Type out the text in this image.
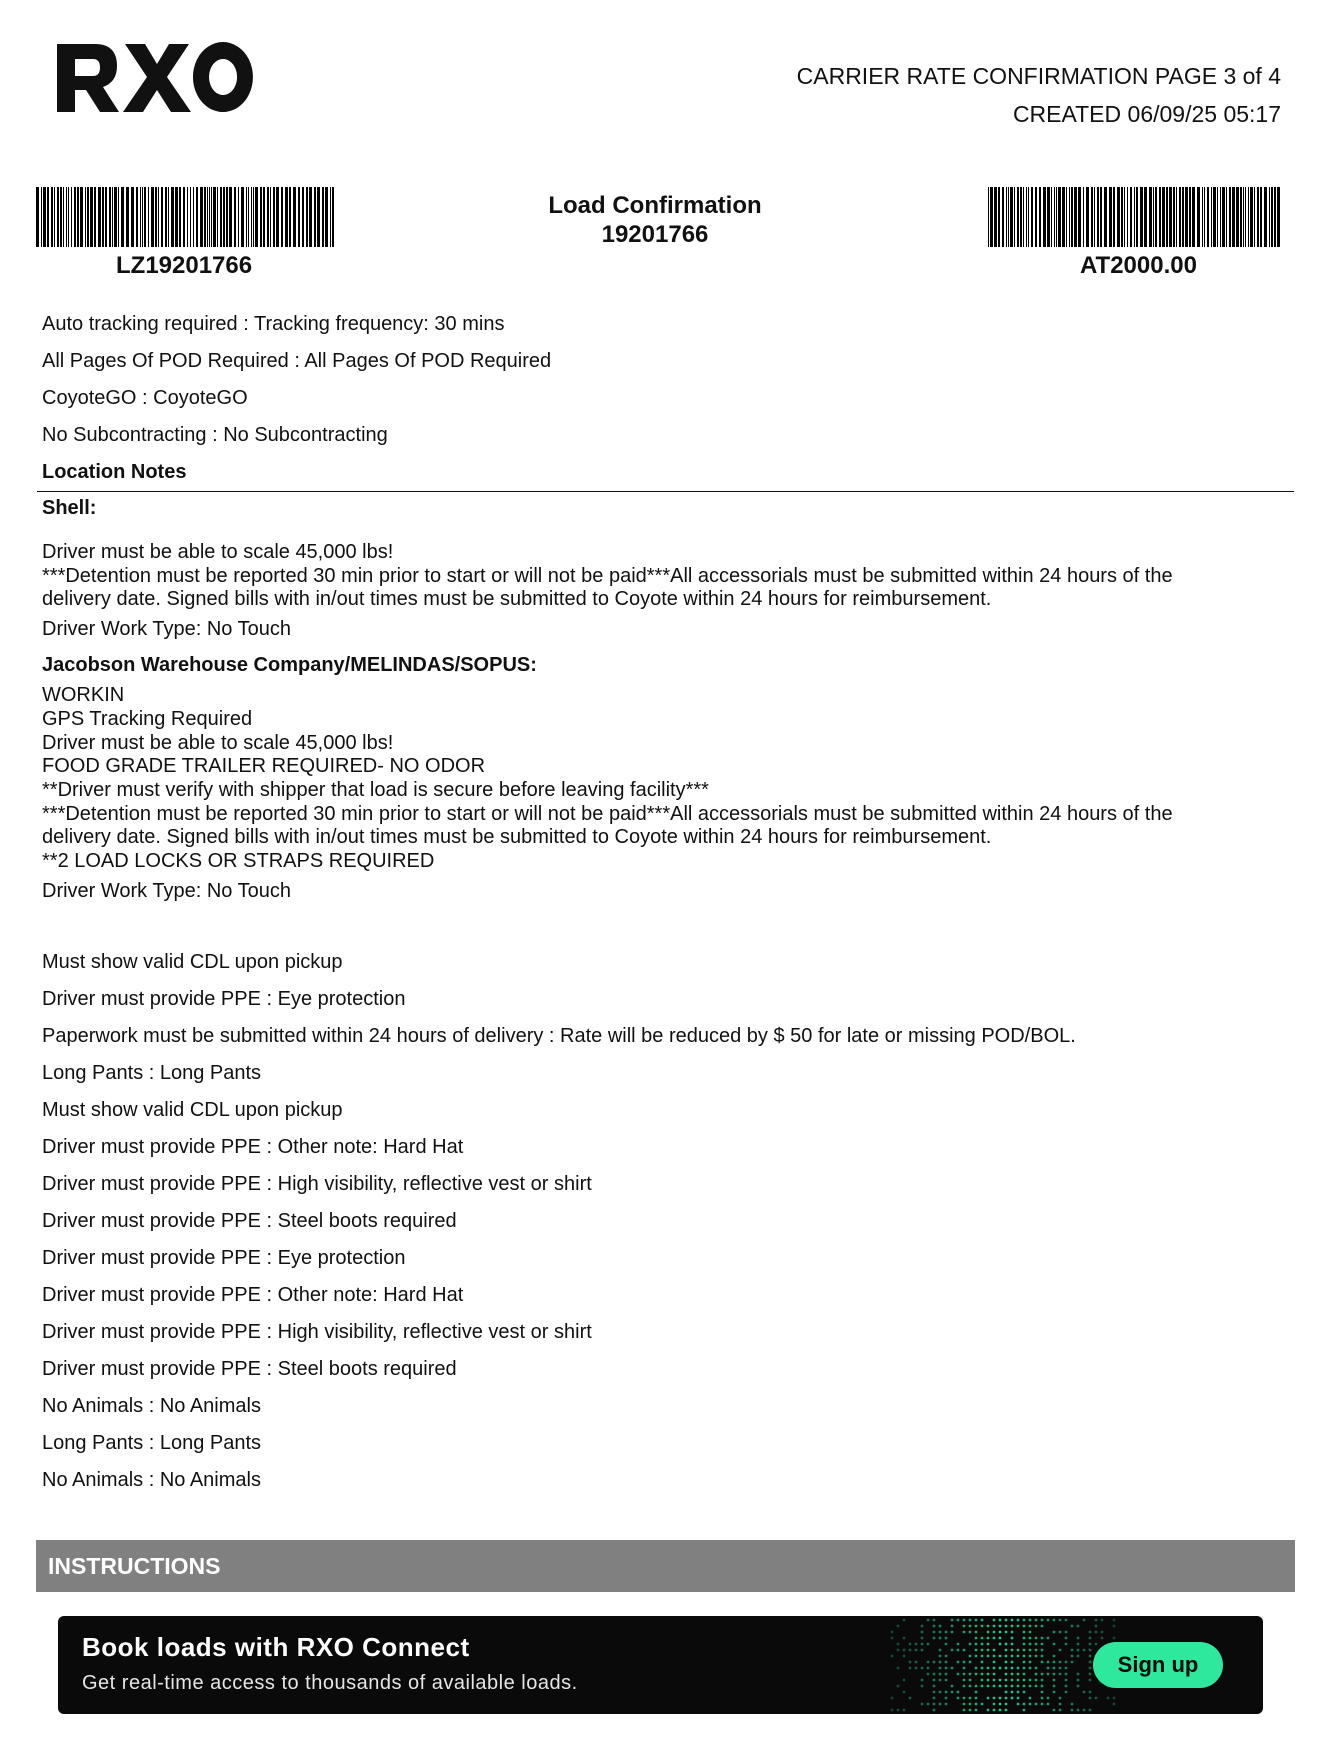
CARRIER RATE CONFIRMATION PAGE 3 of 4
CREATED 06/09/25 05:17
LZ19201766
Load Confirmation
19201766
AT2000.00
Auto tracking required : Tracking frequency: 30 mins
All Pages Of POD Required : All Pages Of POD Required
CoyoteGO : CoyoteGO
No Subcontracting : No Subcontracting
Location Notes
Shell:
Driver must be able to scale 45,000 lbs!
***Detention must be reported 30 min prior to start or will not be paid***All accessorials must be submitted within 24 hours of the
delivery date. Signed bills with in/out times must be submitted to Coyote within 24 hours for reimbursement.
Driver Work Type: No Touch
Jacobson Warehouse Company/MELINDAS/SOPUS:
WORKIN
GPS Tracking Required
Driver must be able to scale 45,000 lbs!
FOOD GRADE TRAILER REQUIRED- NO ODOR
**Driver must verify with shipper that load is secure before leaving facility***
***Detention must be reported 30 min prior to start or will not be paid***All accessorials must be submitted within 24 hours of the
delivery date. Signed bills with in/out times must be submitted to Coyote within 24 hours for reimbursement.
**2 LOAD LOCKS OR STRAPS REQUIRED
Driver Work Type: No Touch
Must show valid CDL upon pickup
Driver must provide PPE : Eye protection
Paperwork must be submitted within 24 hours of delivery : Rate will be reduced by $ 50 for late or missing POD/BOL.
Long Pants : Long Pants
Must show valid CDL upon pickup
Driver must provide PPE : Other note: Hard Hat
Driver must provide PPE : High visibility, reflective vest or shirt
Driver must provide PPE : Steel boots required
Driver must provide PPE : Eye protection
Driver must provide PPE : Other note: Hard Hat
Driver must provide PPE : High visibility, reflective vest or shirt
Driver must provide PPE : Steel boots required
No Animals : No Animals
Long Pants : Long Pants
No Animals : No Animals
INSTRUCTIONS
Book loads with RXO Connect
Get real-time access to thousands of available loads.
Sign up
